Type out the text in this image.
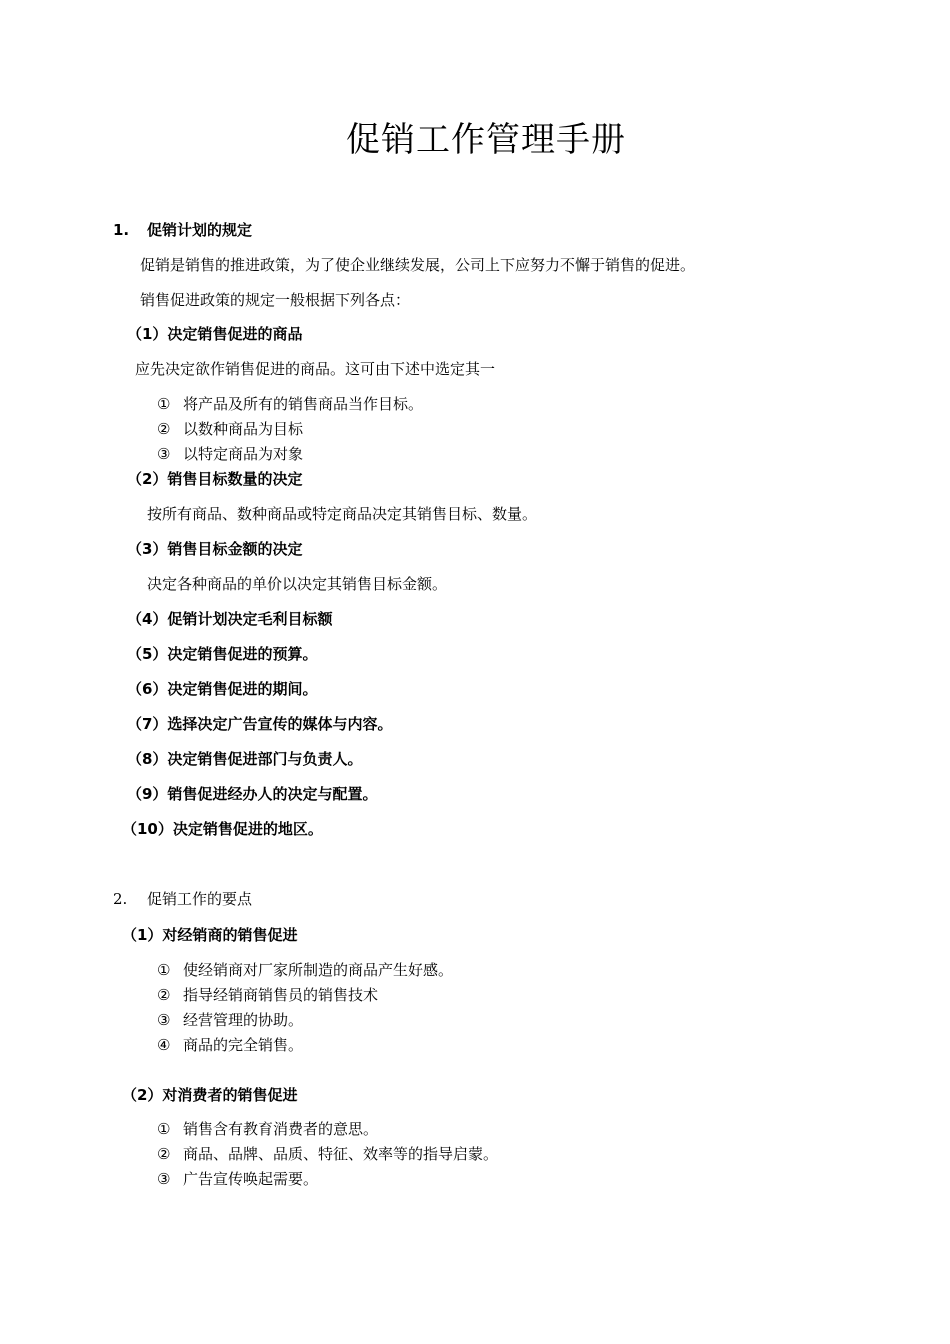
促销工作管理手册
1. 促销计划的规定
促销是销售的推进政策，为了使企业继续发展，公司上下应努力不懈于销售的促进。
销售促进政策的规定一般根据下列各点：
（1）决定销售促进的商品
应先决定欲作销售促进的商品。这可由下述中选定其一
① 将产品及所有的销售商品当作目标。
② 以数种商品为目标
③ 以特定商品为对象
（2）销售目标数量的决定
按所有商品、数种商品或特定商品决定其销售目标、数量。
（3）销售目标金额的决定
决定各种商品的单价以决定其销售目标金额。
（4）促销计划决定毛利目标额
（5）决定销售促进的预算。
（6）决定销售促进的期间。
（7）选择决定广告宣传的媒体与内容。
（8）决定销售促进部门与负责人。
（9）销售促进经办人的决定与配置。
（10）决定销售促进的地区。
2. 促销工作的要点
（1）对经销商的销售促进
① 使经销商对厂家所制造的商品产生好感。
② 指导经销商销售员的销售技术
③ 经营管理的协助。
④ 商品的完全销售。
（2）对消费者的销售促进
① 销售含有教育消费者的意思。
② 商品、品牌、品质、特征、效率等的指导启蒙。
③ 广告宣传唤起需要。
